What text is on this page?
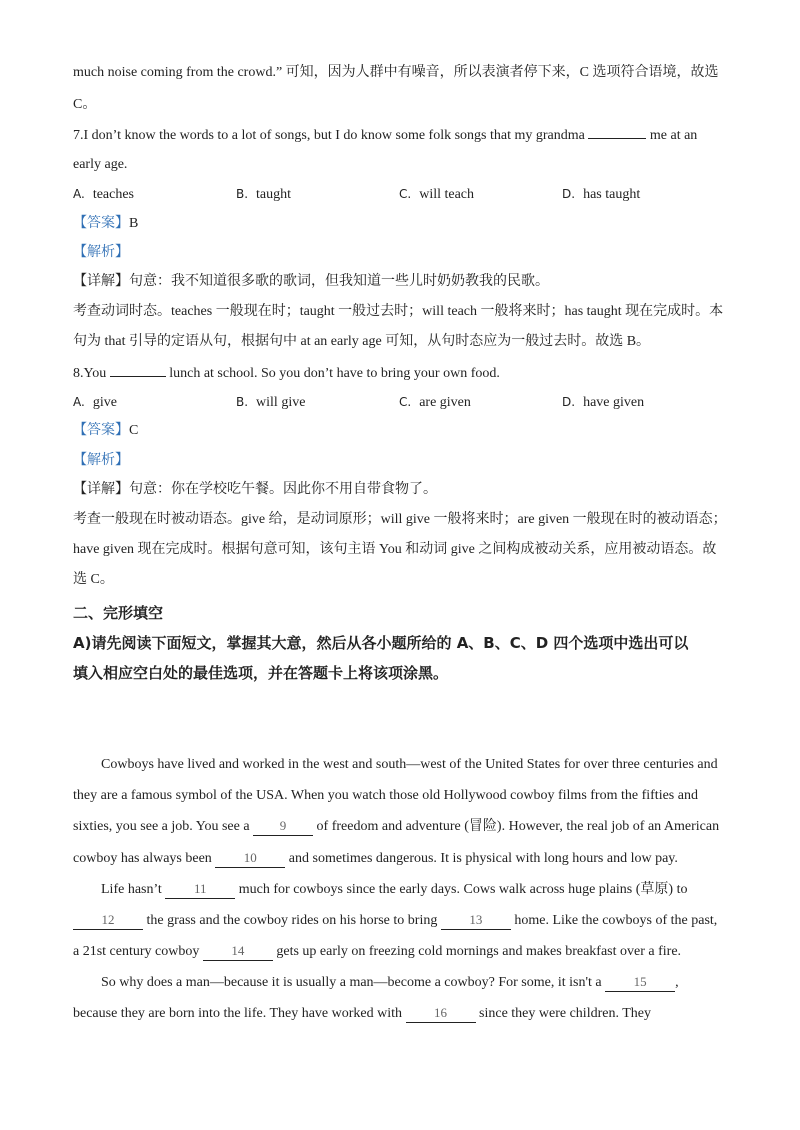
much noise coming from the crowd.” 可知，因为人群中有噪音，所以表演者停下来，C 选项符合语境，故选
C。
7.I don’t know the words to a lot of songs, but I do know some folk songs that my grandma	me at an
early age.
A. teaches	B. taught	C. will teach	D. has taught
【答案】B
【解析】
【详解】句意：我不知道很多歌的歌词，但我知道一些儿时奶奶教我的民歌。
考查动词时态。teaches 一般现在时；taught 一般过去时；will teach 一般将来时；has taught 现在完成时。本
句为 that 引导的定语从句，根据句中 at an early age 可知，从句时态应为一般过去时。故选 B。
8.You	lunch at school. So you don’t have to bring your own food.
A. give	B. will give	C. are given	D. have given
【答案】C
【解析】
【详解】句意：你在学校吃午餐。因此你不用自带食物了。
考查一般现在时被动语态。give 给，是动词原形；will give 一般将来时；are given 一般现在时的被动语态；
have given 现在完成时。根据句意可知，该句主语 You 和动词 give 之间构成被动关系，应用被动语态。故
选 C。
二、完形填空
A)请先阅读下面短文，掌握其大意，然后从各小题所给的 A、B、C、D 四个选项中选出可以
填入相应空白处的最佳选项，并在答题卡上将该项涂黑。
Cowboys have lived and worked in the west and south—west of the United States for over three centuries and
they are a famous symbol of the USA. When you watch those old Hollywood cowboy films from the fifties and
sixties, you see a job. You see a 9 of freedom and adventure (冒险). However, the real job of an American
cowboy has always been 10 and sometimes dangerous. It is physical with long hours and low pay.
Life hasn’t 11 much for cowboys since the early days. Cows walk across huge plains (草原) to
12 the grass and the cowboy rides on his horse to bring 13 home. Like the cowboys of the past,
a 21st century cowboy 14 gets up early on freezing cold mornings and makes breakfast over a fire.
So why does a man—because it is usually a man—become a cowboy? For some, it isn't a 15 ,
because they are born into the life. They have worked with 16 since they were children. They
